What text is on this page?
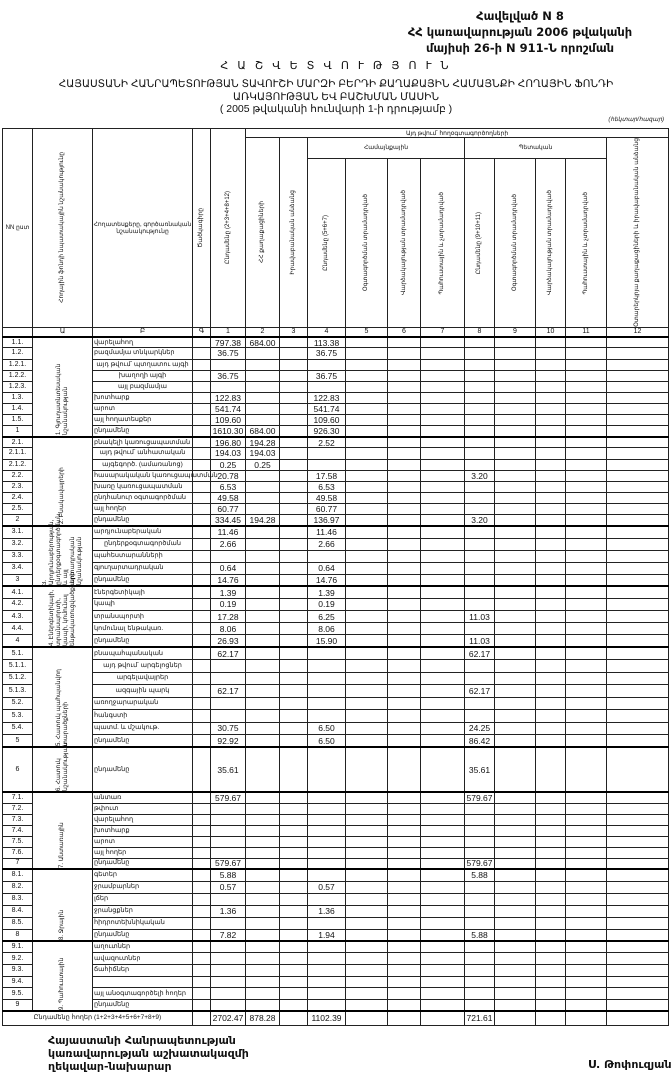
Հավելված N 8
ՀՀ կառավարության 2006 թվականի
մայիսի 26-ի N 911-Ն որոշման
Հ Ա Շ Վ Ե Տ Վ Ո Ւ Թ Յ Ո Ւ Ն
ՀԱՅԱՍՏԱՆԻ ՀԱՆՐԱՊԵՏՈՒԹՅԱՆ ՏԱՎՈՒՇԻ ՄԱՐԶԻ ԲԵՐԴԻ ՔԱՂԱՔԱՅԻՆ ՀԱՄԱՅՆՔԻ ՀՈՂԱՅԻՆ ՖՈՆԴԻ
ԱՌԿԱՅՈՒԹՅԱՆ ԵՎ ԲԱՇԽՄԱՆ ՄԱՍԻՆ
( 2005 թվականի հունվարի 1-ի դրությամբ )
(հեկտար/հազար)
NN ըստ	Հողային ֆոնդի նպատակային նշանակությունը	Հողատեսքերը, գործառնական նշանակությունը	Ծածկագիրը	Ընդամենը (2+3+4+8+12)	Այդ թվում՝ հողօգտագործողների										

					ՀՀ քաղաքացիների	Իրավաբանական անձանց	Համայնքային				Պետական				Օտարերկրյա քաղաքացիների և իրավաբանական անձանց

							Ընդամենը (5+6+7)	Օգտագործման տրամադրված	Վարձակալության տրամադրված	Պահուստային և չտրամադրված	Ընդամենը (9+10+11)	Օգտագործման տրամադրված	Վարձակալության տրամադրված	Պահուստային և չտրամադրված	

	Ա	Բ	Գ	1	2	3	4	5	6	7	8	9	10	11	12
1.1.	1. Գյուղատնտեսական նշանակության	վարելահող		797.38	684.00		113.38								
1.2.		բազմամյա տնկարկներ		36.75			36.75								
1.2.1.		այդ թվում՝ պտղատու այգի													
1.2.2.		խաղողի այգի		36.75			36.75								
1.2.3.		այլ բազմամյա													
1.3.		խոտհարք		122.83			122.83								
1.4.		արոտ		541.74			541.74								
1.5.		այլ հողատեսքեր		109.60			109.60								
1		ընդամենը		1610.30	684.00		926.30								
2.1.	2. Բնակավայրերի	բնակելի կառուցապատման		196.80	194.28		2.52								
2.1.1.		այդ թվում՝ անհատական		194.03	194.03										
2.1.2.		այգեգործ. (ամառանոց)		0.25	0.25										
2.2.		հասարակական կառուցապատման		20.78			17.58				3.20				
2.3.		խառը կառուցապատման		6.53			6.53								
2.4.		ընդհանուր օգտագործման		49.58			49.58								
2.5.		այլ հողեր		60.77			60.77								
2		ընդամենը		334.45	194.28		136.97				3.20				
3.1.	3. Արդյունաբերության, ընդերքօգտագործման և այլ արտադրական նշանակության	արդյունաբերական		11.46			11.46								
3.2.		ընդերքօգտագործման		2.66			2.66								
3.3.		պահեստարանների													
3.4.		գյուղարտադրական		0.64			0.64								
3		ընդամենը		14.76			14.76								
4.1.	4. Էներգետիկայի, տրանսպորտի, կապի, կոմունալ ենթակառուցվածքների	էներգետիկայի		1.39			1.39								
4.2.		կապի		0.19			0.19								
4.3.		տրանսպորտի		17.28			6.25				11.03				
4.4.		կոմունալ ենթակառ.		8.06			8.06								
4		ընդամենը		26.93			15.90				11.03				
5.1.	5. Հատուկ պահպանվող տարածքների	բնապահպանական		62.17							62.17				
5.1.1.		այդ թվում՝ արգելոցներ													
5.1.2.		արգելավայրեր													
5.1.3.		ազգային պարկ		62.17							62.17				
5.2.		առողջարարական													
5.3.		հանգստի													
5.4.		պատմ. և մշակութ.		30.75			6.50				24.25				
5		ընդամենը		92.92			6.50				86.42				
6	6. Հատուկ նշանակության	ընդամենը		35.61							35.61				
7.1.	7. Անտառային	անտառ		579.67							579.67				
7.2.		թփուտ													
7.3.		վարելահող													
7.4.		խոտհարք													
7.5.		արոտ													
7.6.		այլ հողեր													
7		ընդամենը		579.67							579.67				
8.1.	8. Ջրային	գետեր		5.88							5.88				
8.2.		ջրամբարներ		0.57			0.57								
8.3.		լճեր													
8.4.		ջրանցքներ		1.36			1.36								
8.5.		հիդրոտեխնիկական													
8		ընդամենը		7.82			1.94				5.88				
9.1.	9. Պահուստային	աղուտներ													
9.2.		ավազուտներ													
9.3.		ճահիճներ													
9.4.															
9.5.		այլ անօգտագործելի հողեր													
9		ընդամենը													
Ընդամենը հողեր (1+2+3+4+5+6+7+8+9)				2702.47	878.28		1102.39				721.61				
Հայաստանի Հանրապետության
կառավարության աշխատակազմի
ղեկավար-նախարար	Ս. Թոփուզյան
